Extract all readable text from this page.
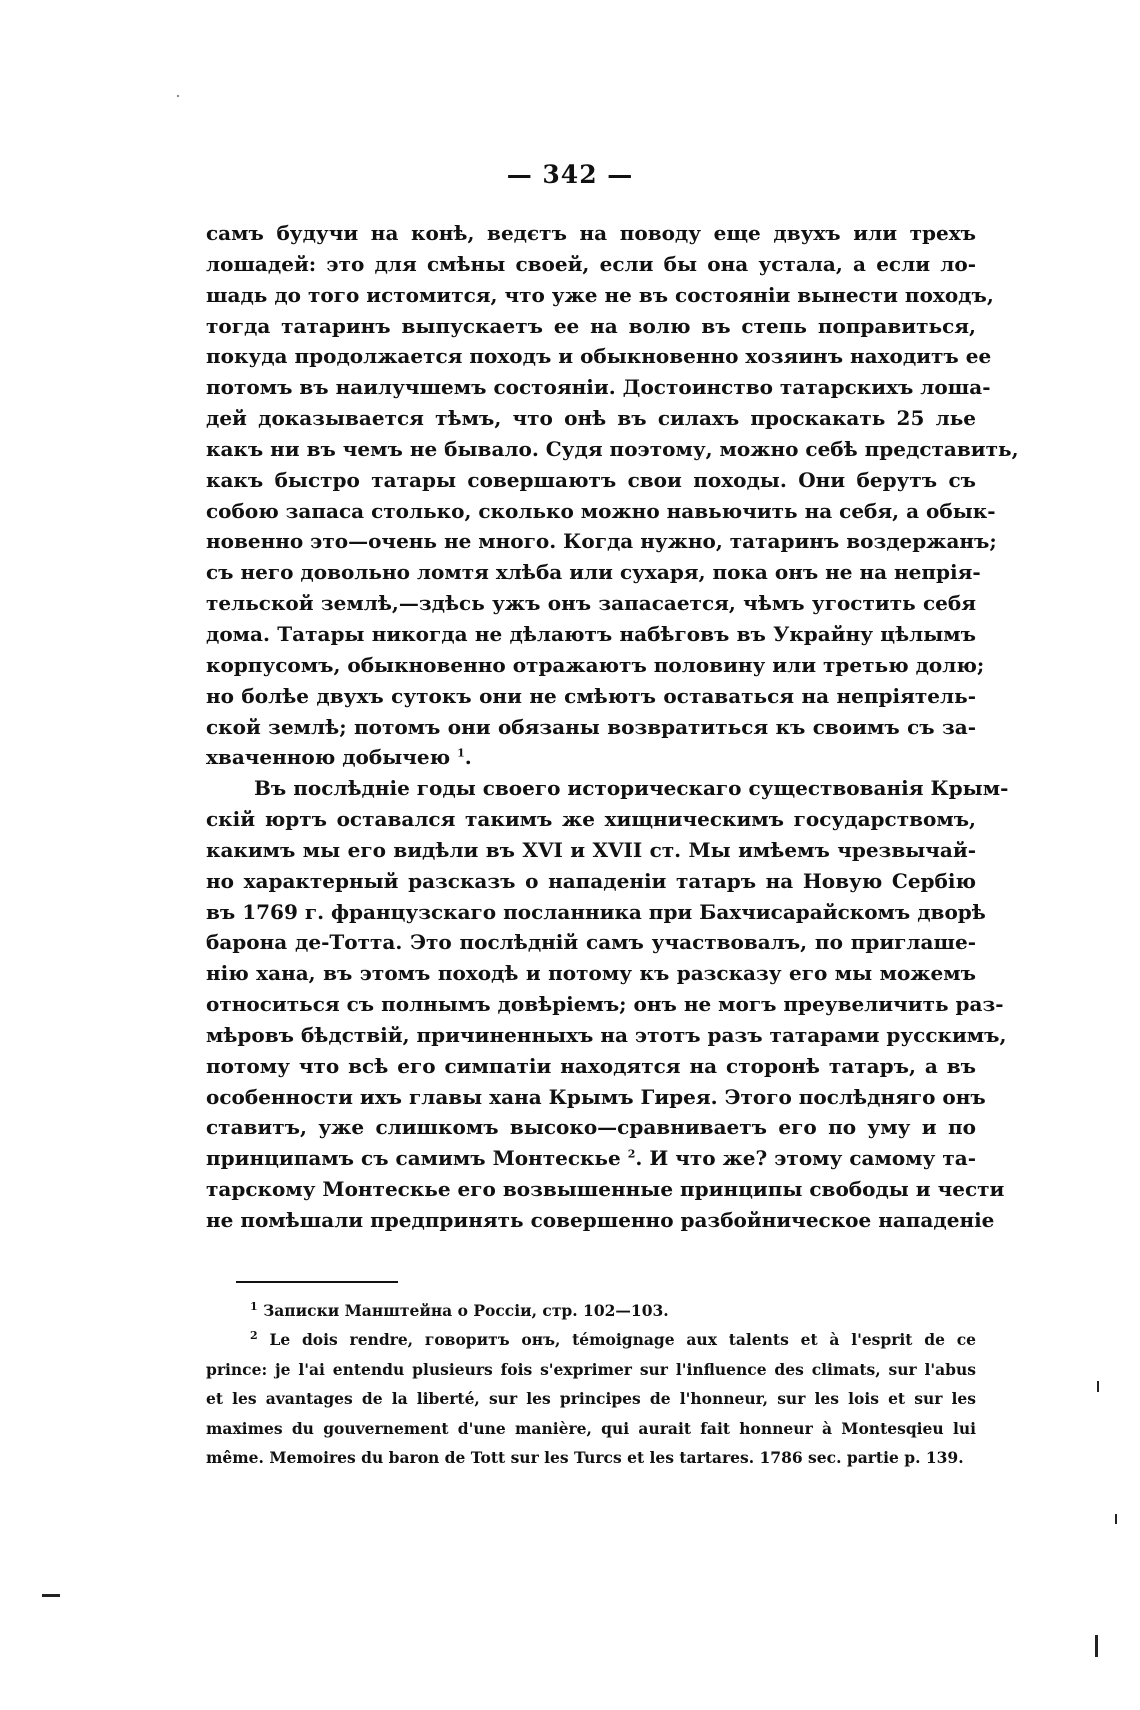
— 342 —
самъ будучи на конѣ, ведєтъ на поводу еще двухъ или трехъ
лошадей: это для смѣны своей, если бы она устала, а если ло-
шадь до того истомится, что уже не въ состояніи вынести походъ,
тогда татаринъ выпускаетъ ее на волю въ степь поправиться,
покуда продолжается походъ и обыкновенно хозяинъ находитъ ее
потомъ въ наилучшемъ состояніи. Достоинство татарскихъ лоша-
дей доказывается тѣмъ, что онѣ въ силахъ проскакать 25 лье
какъ ни въ чемъ не бывало. Судя поэтому, можно себѣ представить,
какъ быстро татары совершаютъ свои походы. Они берутъ съ
собою запаса столько, сколько можно навьючить на себя, а обык-
новенно это—очень не много. Когда нужно, татаринъ воздержанъ;
съ него довольно ломтя хлѣба или сухаря, пока онъ не на непрія-
тельской землѣ,—здѣсь ужъ онъ запасается, чѣмъ угостить себя
дома. Татары никогда не дѣлаютъ набѣговъ въ Украйну цѣлымъ
корпусомъ, обыкновенно отражаютъ половину или третью долю;
но болѣе двухъ сутокъ они не смѣютъ оставаться на непріятель-
ской землѣ; потомъ они обязаны возвратиться къ своимъ съ за-
хваченною добычею $^1$.
Въ послѣдніе годы своего историческаго существованія Крым-
скій юртъ оставался такимъ же хищническимъ государствомъ,
какимъ мы его видѣли въ XVI и XVII ст. Мы имѣемъ чрезвычай-
но характерный разсказъ о нападеніи татаръ на Новую Сербію
въ 1769 г. французскаго посланника при Бахчисарайскомъ дворѣ
барона де-Тотта. Это послѣдній самъ участвовалъ, по приглаше-
нію хана, въ этомъ походѣ и потому къ разсказу его мы можемъ
относиться съ полнымъ довѣріемъ; онъ не могъ преувеличить раз-
мѣровъ бѣдствій, причиненныхъ на этотъ разъ татарами русскимъ,
потому что всѣ его симпатіи находятся на сторонѣ татаръ, а въ
особенности ихъ главы хана Крымъ Гирея. Этого послѣдняго онъ
ставитъ, уже слишкомъ высоко—сравниваетъ его по уму и по
принципамъ съ самимъ Монтескье $^2$. И что же? этому самому та-
тарскому Монтескье его возвышенные принципы свободы и чести
не помѣшали предпринять совершенно разбойническое нападеніе
$^1$ Записки Манштейна о Россіи, стр. 102—103.
$^2$ Le dois rendre, говоритъ онъ, témoignage aux talents et à l'esprit de ce
prince: je l'ai entendu plusieurs fois s'exprimer sur l'influence des climats, sur l'abus
et les avantages de la liberté, sur les principes de l'honneur, sur les lois et sur les
maximes du gouvernement d'une manière, qui aurait fait honneur à Montesqieu lui
même. Memoires du baron de Tott sur les Turcs et les tartares. 1786 sec. partie p. 139.
